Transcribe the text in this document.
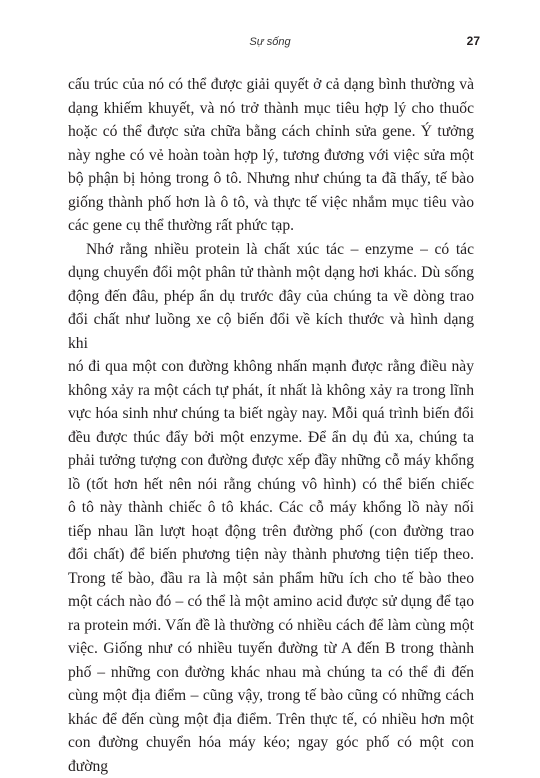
Sự sống	27

cấu trúc của nó có thể được giải quyết ở cả dạng bình thường và

dạng khiếm khuyết, và nó trở thành mục tiêu hợp lý cho thuốc

hoặc có thể được sửa chữa bằng cách chỉnh sửa gene. Ý tưởng

này nghe có vẻ hoàn toàn hợp lý, tương đương với việc sửa một

bộ phận bị hỏng trong ô tô. Nhưng như chúng ta đã thấy, tế bào

giống thành phố hơn là ô tô, và thực tế việc nhắm mục tiêu vào

các gene cụ thể thường rất phức tạp.

Nhớ rằng nhiều protein là chất xúc tác – enzyme – có tác

dụng chuyển đổi một phân tử thành một dạng hơi khác. Dù sống

động đến đâu, phép ẩn dụ trước đây của chúng ta về dòng trao

đổi chất như luồng xe cộ biến đổi về kích thước và hình dạng khi

nó đi qua một con đường không nhấn mạnh được rằng điều này

không xảy ra một cách tự phát, ít nhất là không xảy ra trong lĩnh

vực hóa sinh như chúng ta biết ngày nay. Mỗi quá trình biến đổi

đều được thúc đẩy bởi một enzyme. Để ẩn dụ đủ xa, chúng ta

phải tưởng tượng con đường được xếp đầy những cỗ máy khổng

lồ (tốt hơn hết nên nói rằng chúng vô hình) có thể biến chiếc

ô tô này thành chiếc ô tô khác. Các cỗ máy khổng lồ này nối

tiếp nhau lần lượt hoạt động trên đường phố (con đường trao

đổi chất) để biến phương tiện này thành phương tiện tiếp theo.

Trong tế bào, đầu ra là một sản phẩm hữu ích cho tế bào theo

một cách nào đó – có thể là một amino acid được sử dụng để tạo

ra protein mới. Vấn đề là thường có nhiều cách để làm cùng một

việc. Giống như có nhiều tuyến đường từ A đến B trong thành

phố – những con đường khác nhau mà chúng ta có thể đi đến

cùng một địa điểm – cũng vậy, trong tế bào cũng có những cách

khác để đến cùng một địa điểm. Trên thực tế, có nhiều hơn một

con đường chuyển hóa máy kéo; ngay góc phố có một con đường
